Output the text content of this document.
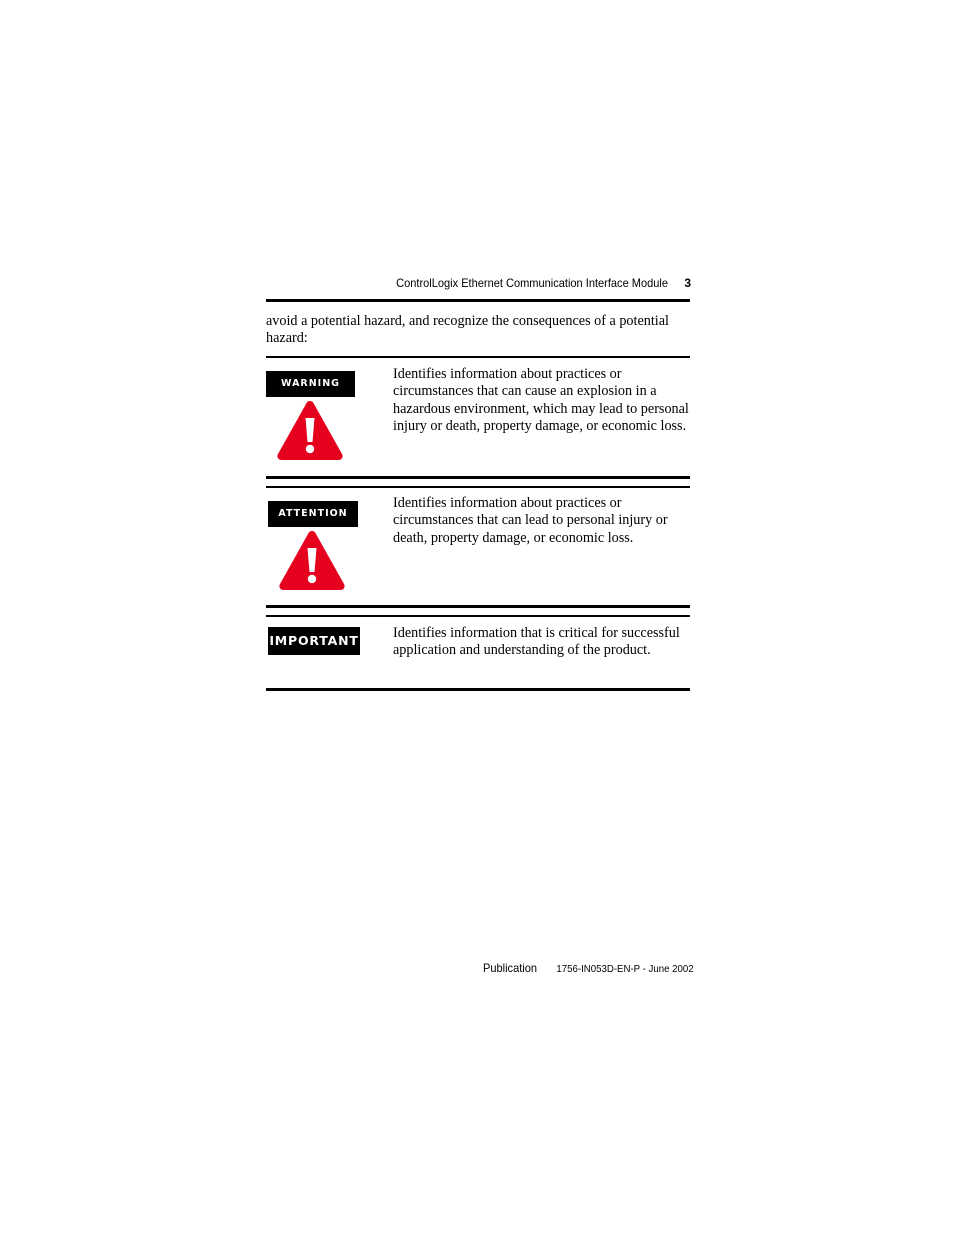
ControlLogix Ethernet Communication Interface Module	3
avoid a potential hazard, and recognize the consequences of a potential hazard:
WARNING
Identifies information about practices or circumstances that can cause an explosion in a hazardous environment, which may lead to personal injury or death, property damage, or economic loss.
ATTENTION
Identifies information about practices or circumstances that can lead to personal injury or death, property damage, or economic loss.
IMPORTANT Identifies information that is critical for successful application and understanding of the product.
Publication 1756-IN053D-EN-P - June 2002
